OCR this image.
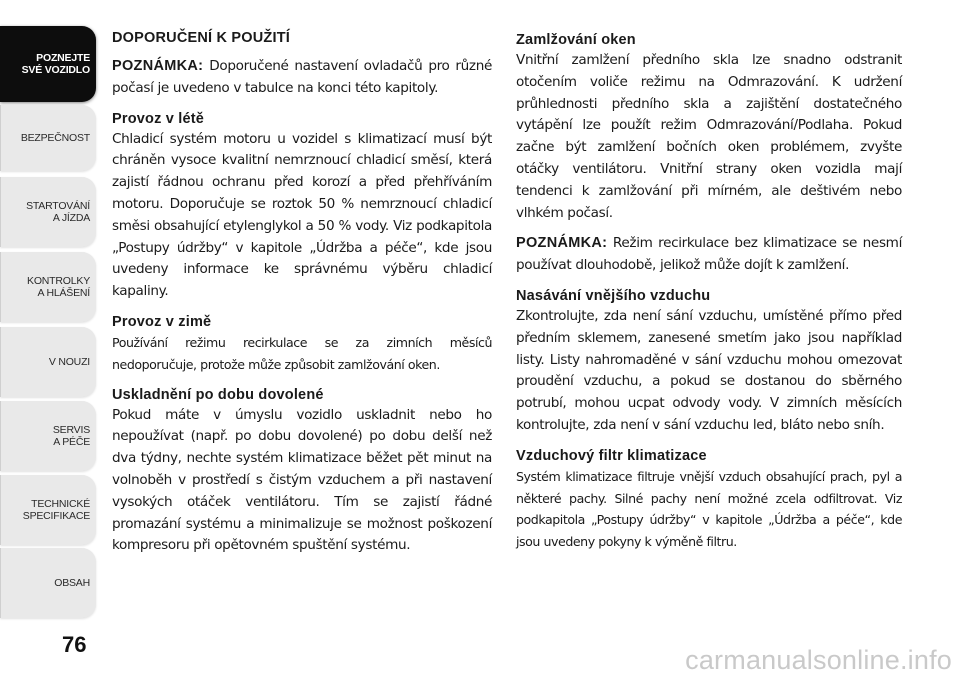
POZNEJTE
SVÉ VOZIDLO
BEZPEČNOST
STARTOVÁNÍ
A JÍZDA
KONTROLKY
A HLÁŠENÍ
V NOUZI
SERVIS
A PÉČE
TECHNICKÉ
SPECIFIKACE
OBSAH
76
DOPORUČENÍ K POUŽITÍ

POZNÁMKA: Doporučené nastavení ovladačů pro různé počasí je uvedeno v tabulce na konci této kapitoly.

Provoz v létě

Chladicí systém motoru u vozidel s klimatizací musí být chráněn vysoce kvalitní nemrznoucí chladicí směsí, která zajistí řádnou ochranu před korozí a před přehříváním motoru. Doporučuje se roztok 50 % nemrznoucí chladicí směsi obsahující etylenglykol a 50 % vody. Viz podkapitola „Postupy údržby“ v kapitole „Údržba a péče“, kde jsou uvedeny informace ke správnému výběru chladicí kapaliny.

Provoz v zimě

Používání režimu recirkulace se za zimních měsíců nedoporučuje, protože může způsobit zamlžování oken.

Uskladnění po dobu dovolené

Pokud máte v úmyslu vozidlo uskladnit nebo ho nepoužívat (např. po dobu dovolené) po dobu delší než dva týdny, nechte systém klimatizace běžet pět minut na volnoběh v prostředí s čistým vzduchem a při nastavení vysokých otáček ventilátoru. Tím se zajistí řádné promazání systému a minimalizuje se možnost poškození kompresoru při opětovném spuštění systému.

Zamlžování oken

Vnitřní zamlžení předního skla lze snadno odstranit otočením voliče režimu na Odmrazování. K udržení průhlednosti předního skla a zajištění dostatečného vytápění lze použít režim Odmrazování/Podlaha. Pokud začne být zamlžení bočních oken problémem, zvyšte otáčky ventilátoru. Vnitřní strany oken vozidla mají tendenci k zamlžování při mírném, ale deštivém nebo vlhkém počasí.

POZNÁMKA: Režim recirkulace bez klimatizace se nesmí používat dlouhodobě, jelikož může dojít k zamlžení.

Nasávání vnějšího vzduchu

Zkontrolujte, zda není sání vzduchu, umístěné přímo před předním sklemem, zanesené smetím jako jsou například listy. Listy nahromaděné v sání vzduchu mohou omezovat proudění vzduchu, a pokud se dostanou do sběrného potrubí, mohou ucpat odvody vody. V zimních měsících kontrolujte, zda není v sání vzduchu led, bláto nebo sníh.

Vzduchový filtr klimatizace

Systém klimatizace filtruje vnější vzduch obsahující prach, pyl a některé pachy. Silné pachy není možné zcela odfiltrovat. Viz podkapitola „Postupy údržby“ v kapitole „Údržba a péče“, kde jsou uvedeny pokyny k výměně filtru.

carmanualsonline.info
